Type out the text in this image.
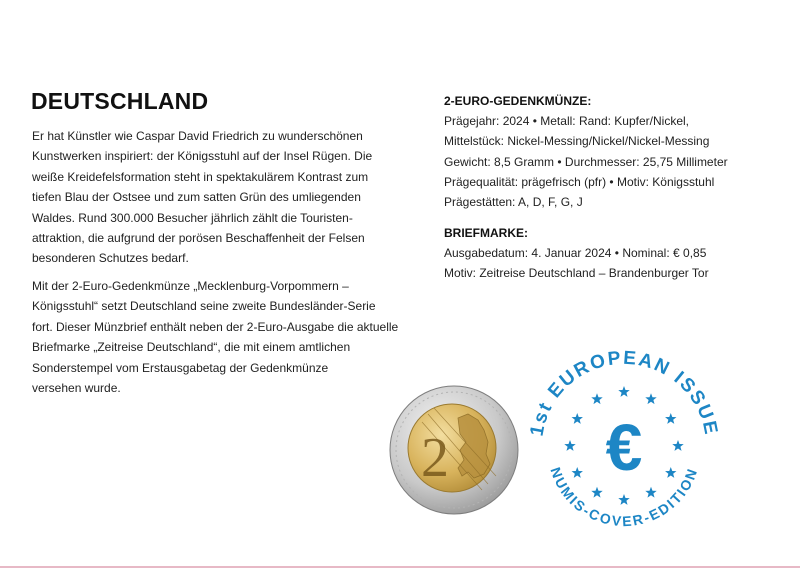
DEUTSCHLAND
Er hat Künstler wie Caspar David Friedrich zu wunderschönen
Kunstwerken inspiriert: der Königsstuhl auf der Insel Rügen. Die
weiße Kreidefelsformation steht in spektakulärem Kontrast zum
tiefen Blau der Ostsee und zum satten Grün des umliegenden
Waldes. Rund 300.000 Besucher jährlich zählt die Touristen-
attraktion, die aufgrund der porösen Beschaffenheit der Felsen
besonderen Schutzes bedarf.
Mit der 2-Euro-Gedenkmünze „Mecklenburg-Vorpommern –
Königsstuhl“ setzt Deutschland seine zweite Bundesländer-Serie
fort. Dieser Münzbrief enthält neben der 2-Euro-Ausgabe die aktuelle
Briefmarke „Zeitreise Deutschland“, die mit einem amtlichen
Sonderstempel vom Erstausgabetag der Gedenkmünze
versehen wurde.
2-EURO-GEDENKMÜNZE:
Prägejahr: 2024 • Metall: Rand: Kupfer/Nickel,
Mittelstück: Nickel-Messing/Nickel/Nickel-Messing
Gewicht: 8,5 Gramm • Durchmesser: 25,75 Millimeter
Prägequalität: prägefrisch (pfr) • Motiv: Königsstuhl
Prägestätten: A, D, F, G, J
BRIEFMARKE:
Ausgabedatum: 4. Januar 2024 • Nominal: € 0,85
Motiv: Zeitreise Deutschland – Brandenburger Tor
2	1st EUROPEAN ISSUE
NUMIS-COVER-EDITION
€
